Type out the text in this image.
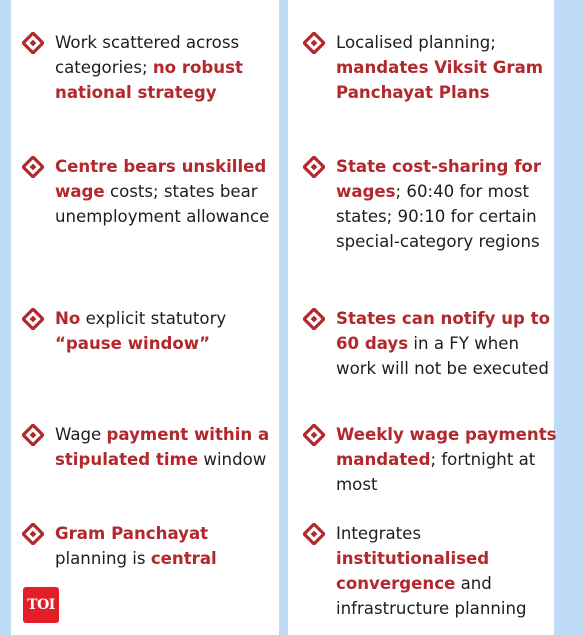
Work scattered across categories; no robust national strategy
Centre bears unskilled wage costs; states bear unemployment allowance
No explicit statutory “pause window”
Wage payment within a stipulated time window
Gram Panchayat planning is central
Localised planning; mandates Viksit Gram Panchayat Plans
State cost-sharing for wages; 60:40 for most states; 90:10 for certain special-category regions
States can notify up to 60 days in a FY when work will not be executed
Weekly wage payments mandated; fortnight at most
Integrates institutionalised convergence and infrastructure planning
TOI
